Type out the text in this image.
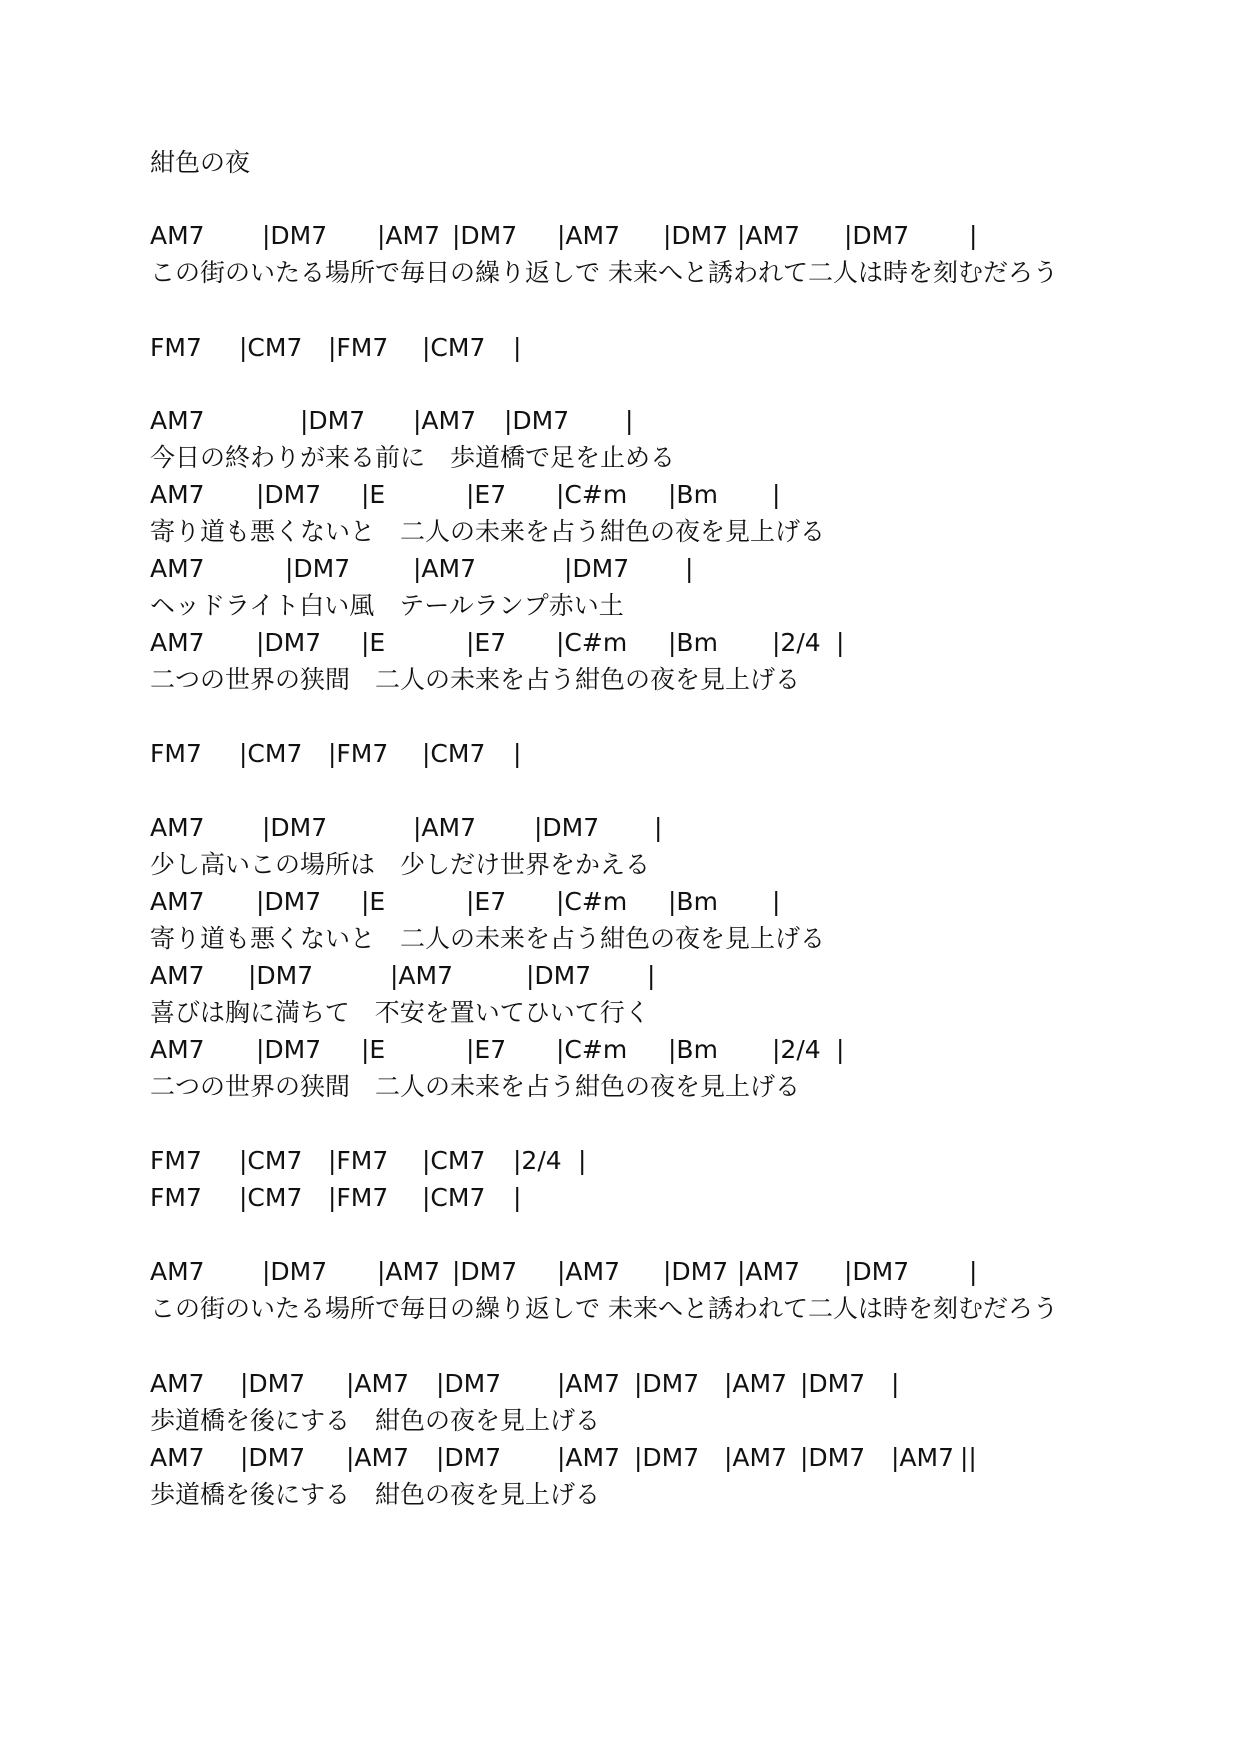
紺色の夜
AM7 |DM7 |AM7 |DM7 |AM7 |DM7 |AM7 |DM7 |
この街のいたる場所で毎日の繰り返しで 未来へと誘われて二人は時を刻むだろう
FM7 |CM7 |FM7 |CM7 |
AM7	|DM7 |AM7 |DM7 |
今日の終わりが来る前に　歩道橋で足を止める
AM7 |DM7 |E	|E7 |C#m |Bm |
寄り道も悪くないと　二人の未来を占う紺色の夜を見上げる
AM7	|DM7	|AM7	|DM7 |
ヘッドライト白い風　テールランプ赤い土
AM7 |DM7 |E	|E7 |C#m |Bm |2/4 |
二つの世界の狭間　二人の未来を占う紺色の夜を見上げる
FM7 |CM7 |FM7 |CM7 |
AM7 |DM7	|AM7 |DM7 |
少し高いこの場所は　少しだけ世界をかえる
AM7 |DM7 |E	|E7 |C#m |Bm |
寄り道も悪くないと　二人の未来を占う紺色の夜を見上げる
AM7 |DM7	|AM7	|DM7 |
喜びは胸に満ちて　不安を置いてひいて行く
AM7 |DM7 |E	|E7 |C#m |Bm |2/4 |
二つの世界の狭間　二人の未来を占う紺色の夜を見上げる
FM7 |CM7 |FM7 |CM7 |2/4 |
FM7 |CM7 |FM7 |CM7 |
AM7 |DM7 |AM7 |DM7 |AM7 |DM7 |AM7 |DM7 |
この街のいたる場所で毎日の繰り返しで 未来へと誘われて二人は時を刻むだろう
AM7 |DM7 |AM7 |DM7 |AM7 |DM7 |AM7 |DM7 |
歩道橋を後にする　紺色の夜を見上げる
AM7 |DM7 |AM7 |DM7 |AM7 |DM7 |AM7 |DM7 |AM7 ||
歩道橋を後にする　紺色の夜を見上げる
